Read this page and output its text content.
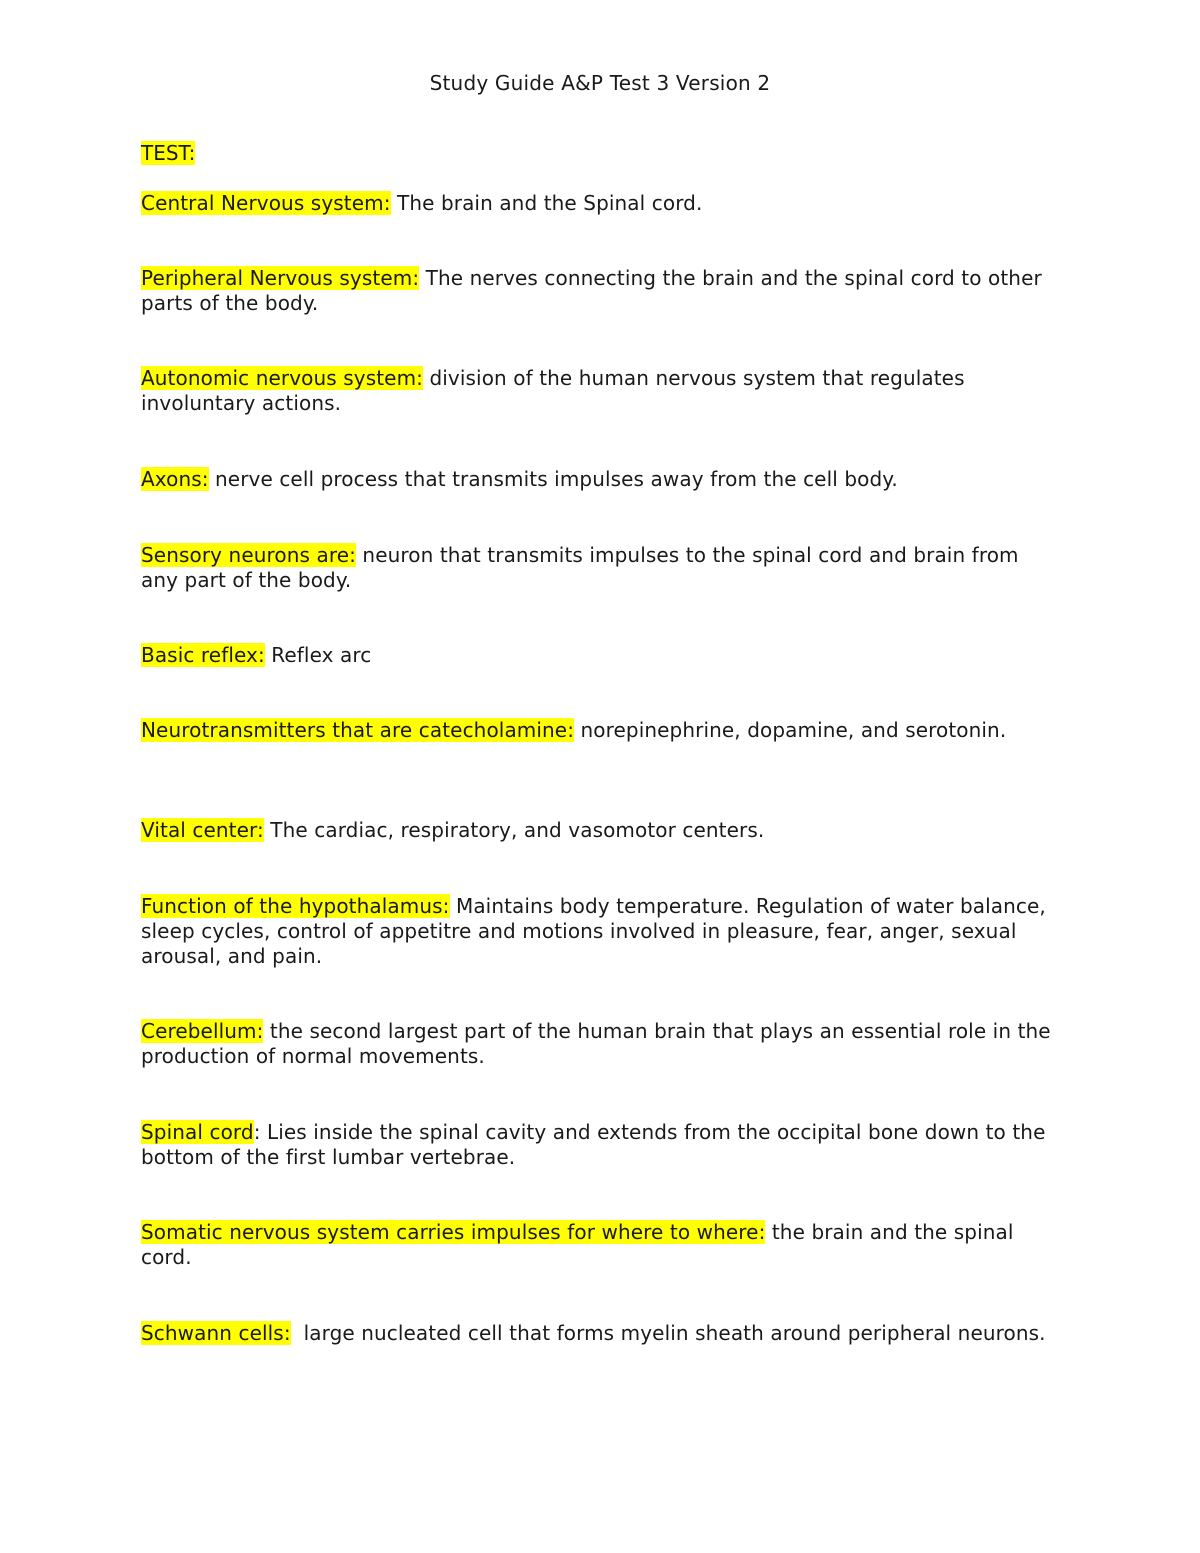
Study Guide A&P Test 3 Version 2
TEST:
Central Nervous system: The brain and the Spinal cord.
Peripheral Nervous system: The nerves connecting the brain and the spinal cord to other parts of the body.
Autonomic nervous system: division of the human nervous system that regulates involuntary actions.
Axons: nerve cell process that transmits impulses away from the cell body.
Sensory neurons are: neuron that transmits impulses to the spinal cord and brain from any part of the body.
Basic reflex: Reflex arc
Neurotransmitters that are catecholamine: norepinephrine, dopamine, and serotonin.
Vital center: The cardiac, respiratory, and vasomotor centers.
Function of the hypothalamus: Maintains body temperature. Regulation of water balance, sleep cycles, control of appetitre and motions involved in pleasure, fear, anger, sexual arousal, and pain.
Cerebellum: the second largest part of the human brain that plays an essential role in the production of normal movements.
Spinal cord: Lies inside the spinal cavity and extends from the occipital bone down to the bottom of the first lumbar vertebrae.
Somatic nervous system carries impulses for where to where: the brain and the spinal cord.
Schwann cells:  large nucleated cell that forms myelin sheath around peripheral neurons.
